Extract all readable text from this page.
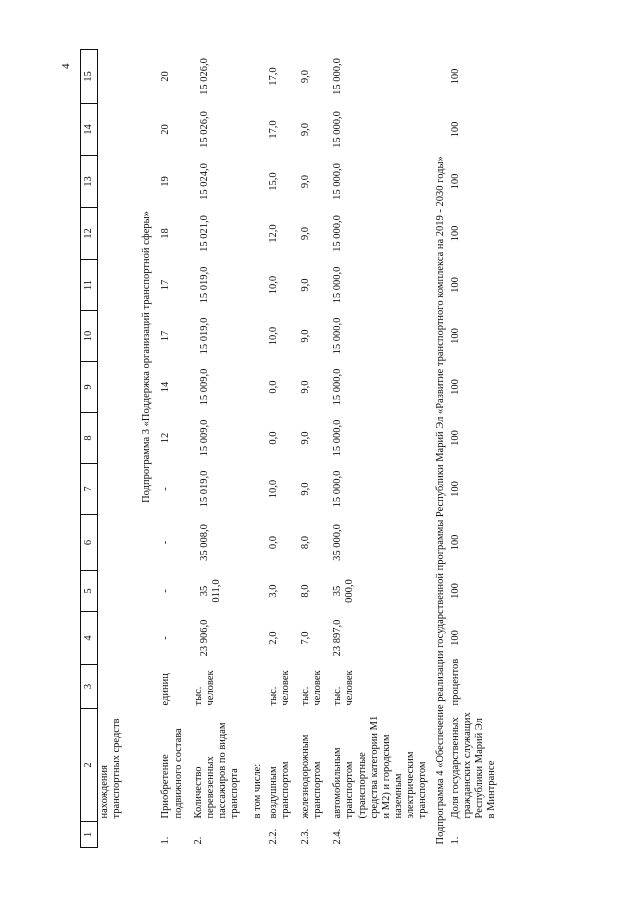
4
1	2	3	4	5	6	7	8	9	10	11	12	13	14	15
	нахождения транспортных средств													
			Подпрограмма 3 «Поддержка организаций транспортной сферы»											
1.	Приобретение подвижного состава	единиц	-	-	-	-	12	14	17	17	18	19	20	20
2.	Количество перевезенных пассажиров по видам транспорта	тыс. человек	23 906,0	35 011,0	35 008,0	15 019,0	15 009,0	15 009,0	15 019,0	15 019,0	15 021,0	15 024,0	15 026,0	15 026,0
	в том числе:													
2.2.	воздушным транспортом	тыс. человек	2,0	3,0	0,0	10,0	0,0	0,0	10,0	10,0	12,0	15,0	17,0	17,0
2.3.	железнодорожным транспортом	тыс. человек	7,0	8,0	8,0	9,0	9,0	9,0	9,0	9,0	9,0	9,0	9,0	9,0
2.4.	автомобильным транспортом (транспортные средства категории М1 и М2) и городским наземным электрическим транспортом	тыс. человек	23 897,0	35 000,0	35 000,0	15 000,0	15 000,0	15 000,0	15 000,0	15 000,0	15 000,0	15 000,0	15 000,0	15 000,0
Подпрограмма 4 «Обеспечение реализации государственной программы Республики Марий Эл «Развитие транспортного комплекса на 2019 - 2030 годы»														
1.	Доля государственных гражданских служащих Республики Марий Эл в Минтрансе	процентов	100	100	100	100	100	100	100	100	100	100	100	100
